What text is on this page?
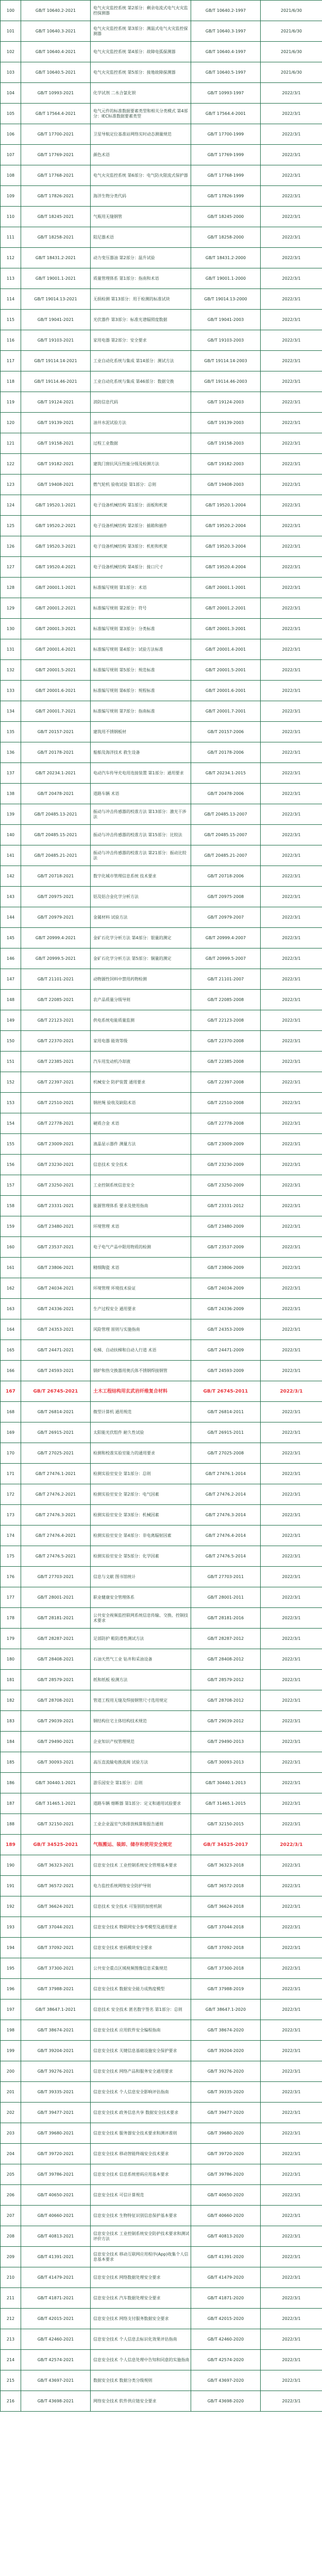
100	GB/T 10640.2-2021	电气火灾监控系统 第2部分：剩余电流式电气火灾监控探测器	GB/T 10640.2-1997	2021/6/30
101	GB/T 10640.3-2021	电气火灾监控系统 第3部分：测温式电气火灾监控探测器	GB/T 10640.3-1997	2021/6/30
102	GB/T 10640.4-2021	电气火灾监控系统 第4部分：故障电弧探测器	GB/T 10640.4-1997	2021/6/30
103	GB/T 10640.5-2021	电气火灾监控系统 第5部分：接地故障探测器	GB/T 10640.5-1997	2021/6/30
104	GB/T 10993-2021	化学试剂 二水合氯化钡	GB/T 10993-1997	2022/3/1
105	GB/T 17564.4-2021	电气元件的标准数据要素类型和相关分类模式 第4部分：IEC标准数据要素类型	GB/T 17564.4-2001	2022/3/1
106	GB/T 17700-2021	卫星导航定位基准站网络实时动态测量规范	GB/T 17700-1999	2022/3/1
107	GB/T 17769-2021	颜色术语	GB/T 17769-1999	2022/3/1
108	GB/T 17768-2021	电气火灾监控系统 第6部分：电气防火限流式保护器	GB/T 17768-1999	2022/3/1
109	GB/T 17826-2021	海洋生物分类代码	GB/T 17826-1999	2022/3/1
110	GB/T 18245-2021	气瓶用无缝钢管	GB/T 18245-2000	2022/3/1
111	GB/T 18258-2021	阻尼器术语	GB/T 18258-2000	2022/3/1
112	GB/T 18431.2-2021	动力变压器油 第2部分：温升试验	GB/T 18431.2-2000	2022/3/1
113	GB/T 19001.1-2021	质量管理体系 第1部分：指南和术语	GB/T 19001.1-2000	2022/3/1
114	GB/T 19014.13-2021	无损检测 第13部分：用于检测的标准试块	GB/T 19014.13-2000	2022/3/1
115	GB/T 19041-2021	光伏器件 第3部分：标准光谱辐照度数据	GB/T 19041-2003	2022/3/1
116	GB/T 19103-2021	家用电器 第2部分：安全要求	GB/T 19103-2003	2022/3/1
117	GB/T 19114.14-2021	工业自动化系统与集成 第14部分：测试方法	GB/T 19114.14-2003	2022/3/1
118	GB/T 19114.46-2021	工业自动化系统与集成 第46部分：数据交换	GB/T 19114.46-2003	2022/3/1
119	GB/T 19124-2021	消防信息代码	GB/T 19124-2003	2022/3/1
120	GB/T 19139-2021	油井水泥试验方法	GB/T 19139-2003	2022/3/1
121	GB/T 19158-2021	过程工业数据	GB/T 19158-2003	2022/3/1
122	GB/T 19182-2021	建筑门窗抗风压性能分级及检测方法	GB/T 19182-2003	2022/3/1
123	GB/T 19408-2021	燃气轮机 验收试验 第1部分：总则	GB/T 19408-2003	2022/3/1
124	GB/T 19520.1-2021	电子设备机械结构 第1部分：面板和机架	GB/T 19520.1-2004	2022/3/1
125	GB/T 19520.2-2021	电子设备机械结构 第2部分：插箱和插件	GB/T 19520.2-2004	2022/3/1
126	GB/T 19520.3-2021	电子设备机械结构 第3部分：机柜和机架	GB/T 19520.3-2004	2022/3/1
127	GB/T 19520.4-2021	电子设备机械结构 第4部分：接口尺寸	GB/T 19520.4-2004	2022/3/1
128	GB/T 20001.1-2021	标准编写规则 第1部分：术语	GB/T 20001.1-2001	2022/3/1
129	GB/T 20001.2-2021	标准编写规则 第2部分：符号	GB/T 20001.2-2001	2022/3/1
130	GB/T 20001.3-2021	标准编写规则 第3部分：分类标准	GB/T 20001.3-2001	2022/3/1
131	GB/T 20001.4-2021	标准编写规则 第4部分：试验方法标准	GB/T 20001.4-2001	2022/3/1
132	GB/T 20001.5-2021	标准编写规则 第5部分：规范标准	GB/T 20001.5-2001	2022/3/1
133	GB/T 20001.6-2021	标准编写规则 第6部分：规程标准	GB/T 20001.6-2001	2022/3/1
134	GB/T 20001.7-2021	标准编写规则 第7部分：指南标准	GB/T 20001.7-2001	2022/3/1
135	GB/T 20157-2021	建筑用不锈钢板材	GB/T 20157-2006	2022/3/1
136	GB/T 20178-2021	船舶及海洋技术 救生设备	GB/T 20178-2006	2022/3/1
137	GB/T 20234.1-2021	电动汽车传导充电用连接装置 第1部分：通用要求	GB/T 20234.1-2015	2022/3/1
138	GB/T 20478-2021	道路车辆 术语	GB/T 20478-2006	2022/3/1
139	GB/T 20485.13-2021	振动与冲击传感器的校准方法 第13部分：激光干涉法	GB/T 20485.13-2007	2022/3/1
140	GB/T 20485.15-2021	振动与冲击传感器的校准方法 第15部分：比较法	GB/T 20485.15-2007	2022/3/1
141	GB/T 20485.21-2021	振动与冲击传感器的校准方法 第21部分：振动比较法	GB/T 20485.21-2007	2022/3/1
142	GB/T 20718-2021	数字化城市管理信息系统 技术要求	GB/T 20718-2006	2022/3/1
143	GB/T 20975-2021	铝及铝合金化学分析方法	GB/T 20975-2008	2022/3/1
144	GB/T 20979-2021	金属材料 试验方法	GB/T 20979-2007	2022/3/1
145	GB/T 20999.4-2021	金矿石化学分析方法 第4部分：银量的测定	GB/T 20999.4-2007	2022/3/1
146	GB/T 20999.5-2021	金矿石化学分析方法 第5部分：铜量的测定	GB/T 20999.5-2007	2022/3/1
147	GB/T 21101-2021	动物源性饲料中禁用药物检测	GB/T 21101-2007	2022/3/1
148	GB/T 22085-2021	农产品质量分级导则	GB/T 22085-2008	2022/3/1
149	GB/T 22123-2021	供电系统电能质量监测	GB/T 22123-2008	2022/3/1
150	GB/T 22370-2021	家用电器 能效等级	GB/T 22370-2008	2022/3/1
151	GB/T 22385-2021	汽车用发动机冷却液	GB/T 22385-2008	2022/3/1
152	GB/T 22397-2021	机械安全 防护装置 通用要求	GB/T 22397-2008	2022/3/1
153	GB/T 22510-2021	钢丝绳 验收及缺陷术语	GB/T 22510-2008	2022/3/1
154	GB/T 22778-2021	硬质合金 术语	GB/T 22778-2008	2022/3/1
155	GB/T 23009-2021	液晶显示器件 测量方法	GB/T 23009-2009	2022/3/1
156	GB/T 23230-2021	信息技术 安全技术	GB/T 23230-2009	2022/3/1
157	GB/T 23250-2021	工业控制系统信息安全	GB/T 23250-2009	2022/3/1
158	GB/T 23331-2021	能源管理体系 要求及使用指南	GB/T 23331-2012	2022/3/1
159	GB/T 23480-2021	环境管理 术语	GB/T 23480-2009	2022/3/1
160	GB/T 23537-2021	电子电气产品中限用物质的检测	GB/T 23537-2009	2022/3/1
161	GB/T 23806-2021	精细陶瓷 术语	GB/T 23806-2009	2022/3/1
162	GB/T 24034-2021	环境管理 环境技术验证	GB/T 24034-2009	2022/3/1
163	GB/T 24336-2021	生产过程安全 通用要求	GB/T 24336-2009	2022/3/1
164	GB/T 24353-2021	风险管理 原则与实施指南	GB/T 24353-2009	2022/3/1
165	GB/T 24471-2021	电梯、自动扶梯和自动人行道 术语	GB/T 24471-2009	2022/3/1
166	GB/T 24593-2021	锅炉和热交换器用奥氏体不锈钢焊接钢管	GB/T 24593-2009	2022/3/1
167	GB/T 26745-2021	土木工程结构用玄武岩纤维复合材料	GB/T 26745-2011	2022/3/1
168	GB/T 26814-2021	微型计算机 通用规范	GB/T 26814-2011	2022/3/1
169	GB/T 26915-2021	太阳能光伏组件 耐久性试验	GB/T 26915-2011	2022/3/1
170	GB/T 27025-2021	检测和校准实验室能力的通用要求	GB/T 27025-2008	2022/3/1
171	GB/T 27476.1-2021	检测实验室安全 第1部分：总则	GB/T 27476.1-2014	2022/3/1
172	GB/T 27476.2-2021	检测实验室安全 第2部分：电气因素	GB/T 27476.2-2014	2022/3/1
173	GB/T 27476.3-2021	检测实验室安全 第3部分：机械因素	GB/T 27476.3-2014	2022/3/1
174	GB/T 27476.4-2021	检测实验室安全 第4部分：非电离辐射因素	GB/T 27476.4-2014	2022/3/1
175	GB/T 27476.5-2021	检测实验室安全 第5部分：化学因素	GB/T 27476.5-2014	2022/3/1
176	GB/T 27703-2021	信息与文献 图书馆统计	GB/T 27703-2011	2022/3/1
177	GB/T 28001-2021	职业健康安全管理体系	GB/T 28001-2011	2022/3/1
178	GB/T 28181-2021	公共安全视频监控联网系统信息传输、交换、控制技术要求	GB/T 28181-2016	2022/3/1
179	GB/T 28287-2021	足部防护 鞋防滑性测试方法	GB/T 28287-2012	2022/3/1
180	GB/T 28408-2021	石油天然气工业 钻井和采油设备	GB/T 28408-2012	2022/3/1
181	GB/T 28579-2021	纸和纸板 检测方法	GB/T 28579-2012	2022/3/1
182	GB/T 28708-2021	管道工程用无缝及焊接钢管尺寸选用规定	GB/T 28708-2012	2022/3/1
183	GB/T 29039-2021	钢结构住宅主体结构技术规范	GB/T 29039-2012	2022/3/1
184	GB/T 29490-2021	企业知识产权管理规范	GB/T 29490-2013	2022/3/1
185	GB/T 30093-2021	高压直流输电换流阀 试验方法	GB/T 30093-2013	2022/3/1
186	GB/T 30440.1-2021	游乐园安全 第1部分：总则	GB/T 30440.1-2013	2022/3/1
187	GB/T 31465.1-2021	道路车辆 熔断器 第1部分：定义和通用试验要求	GB/T 31465.1-2015	2022/3/1
188	GB/T 32150-2021	工业企业温室气体排放核算和报告通则	GB/T 32150-2015	2022/3/1
189	GB/T 34525-2021	气瓶搬运、装卸、储存和使用安全规定	GB/T 34525-2017	2022/3/1
190	GB/T 36323-2021	信息安全技术 工业控制系统安全管理基本要求	GB/T 36323-2018	2022/3/1
191	GB/T 36572-2021	电力监控系统网络安全防护导则	GB/T 36572-2018	2022/3/1
192	GB/T 36624-2021	信息技术 安全技术 可鉴别的加密机制	GB/T 36624-2018	2022/3/1
193	GB/T 37044-2021	信息安全技术 物联网安全参考模型及通用要求	GB/T 37044-2018	2022/3/1
194	GB/T 37092-2021	信息安全技术 密码模块安全要求	GB/T 37092-2018	2022/3/1
195	GB/T 37300-2021	公共安全重点区域视频图像信息采集规范	GB/T 37300-2018	2022/3/1
196	GB/T 37988-2021	信息安全技术 数据安全能力成熟度模型	GB/T 37988-2019	2022/3/1
197	GB/T 38647.1-2021	信息技术 安全技术 匿名数字签名 第1部分：总则	GB/T 38647.1-2020	2022/3/1
198	GB/T 38674-2021	信息安全技术 应用软件安全编程指南	GB/T 38674-2020	2022/3/1
199	GB/T 39204-2021	信息安全技术 关键信息基础设施安全保护要求	GB/T 39204-2020	2022/3/1
200	GB/T 39276-2021	信息安全技术 网络产品和服务安全通用要求	GB/T 39276-2020	2022/3/1
201	GB/T 39335-2021	信息安全技术 个人信息安全影响评估指南	GB/T 39335-2020	2022/3/1
202	GB/T 39477-2021	信息安全技术 政务信息共享 数据安全技术要求	GB/T 39477-2020	2022/3/1
203	GB/T 39680-2021	信息安全技术 服务器安全技术要求和测评准则	GB/T 39680-2020	2022/3/1
204	GB/T 39720-2021	信息安全技术 移动智能终端安全技术要求	GB/T 39720-2020	2022/3/1
205	GB/T 39786-2021	信息安全技术 信息系统密码应用基本要求	GB/T 39786-2020	2022/3/1
206	GB/T 40650-2021	信息安全技术 可信计算规范	GB/T 40650-2020	2022/3/1
207	GB/T 40660-2021	信息安全技术 生物特征识别信息保护基本要求	GB/T 40660-2020	2022/3/1
208	GB/T 40813-2021	信息安全技术 工业控制系统安全防护技术要求和测试评价方法	GB/T 40813-2020	2022/3/1
209	GB/T 41391-2021	信息安全技术 移动互联网应用程序(App)收集个人信息基本要求	GB/T 41391-2020	2022/3/1
210	GB/T 41479-2021	信息安全技术 网络数据处理安全要求	GB/T 41479-2020	2022/3/1
211	GB/T 41871-2021	信息安全技术 汽车数据处理安全要求	GB/T 41871-2020	2022/3/1
212	GB/T 42015-2021	信息安全技术 网络支付服务数据安全要求	GB/T 42015-2020	2022/3/1
213	GB/T 42460-2021	信息安全技术 个人信息去标识化效果评估指南	GB/T 42460-2020	2022/3/1
214	GB/T 42574-2021	信息安全技术 个人信息处理中告知和同意的实施指南	GB/T 42574-2020	2022/3/1
215	GB/T 43697-2021	数据安全技术 数据分类分级规则	GB/T 43697-2020	2022/3/1
216	GB/T 43698-2021	网络安全技术 软件供应链安全要求	GB/T 43698-2020	2022/3/1
